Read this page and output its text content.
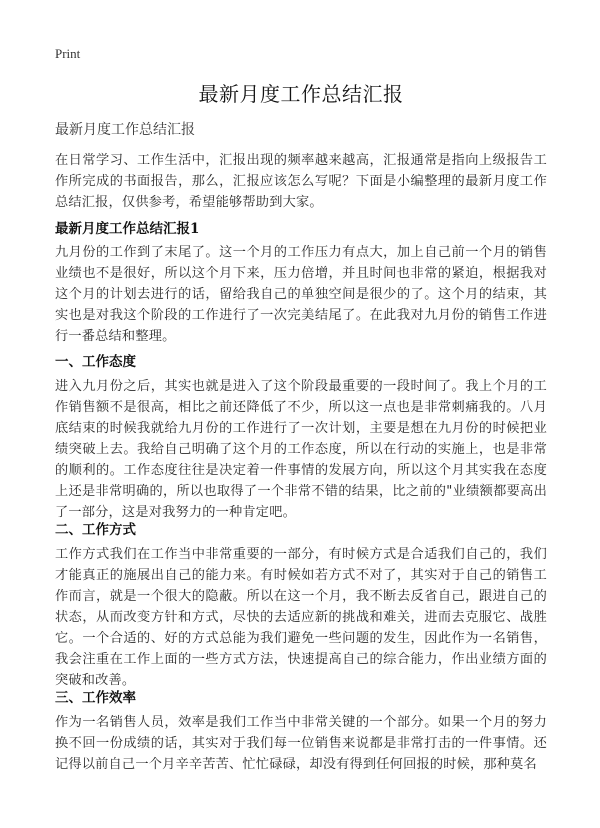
Print
最新月度工作总结汇报
最新月度工作总结汇报
在日常学习、工作生活中，汇报出现的频率越来越高，汇报通常是指向上级报告工作所完成的书面报告，那么，汇报应该怎么写呢？下面是小编整理的最新月度工作总结汇报，仅供参考，希望能够帮助到大家。
最新月度工作总结汇报1
九月份的工作到了末尾了。这一个月的工作压力有点大，加上自己前一个月的销售业绩也不是很好，所以这个月下来，压力倍增，并且时间也非常的紧迫，根据我对这个月的计划去进行的话，留给我自己的单独空间是很少的了。这个月的结束，其实也是对我这个阶段的工作进行了一次完美结尾了。在此我对九月份的销售工作进行一番总结和整理。
一、工作态度
进入九月份之后，其实也就是进入了这个阶段最重要的一段时间了。我上个月的工作销售额不是很高，相比之前还降低了不少，所以这一点也是非常刺痛我的。八月底结束的时候我就给九月份的工作进行了一次计划，主要是想在九月份的时候把业绩突破上去。我给自己明确了这个月的工作态度，所以在行动的实施上，也是非常的顺利的。工作态度往往是决定着一件事情的发展方向，所以这个月其实我在态度上还是非常明确的，所以也取得了一个非常不错的结果，比之前的"业绩额都要高出了一部分，这是对我努力的一种肯定吧。
二、工作方式
工作方式我们在工作当中非常重要的一部分，有时候方式是合适我们自己的，我们才能真正的施展出自己的能力来。有时候如若方式不对了，其实对于自己的销售工作而言，就是一个很大的隐蔽。所以在这一个月，我不断去反省自己，跟进自己的状态，从而改变方针和方式，尽快的去适应新的挑战和难关，进而去克服它、战胜它。一个合适的、好的方式总能为我们避免一些问题的发生，因此作为一名销售，我会注重在工作上面的一些方式方法，快速提高自己的综合能力，作出业绩方面的突破和改善。
三、工作效率
作为一名销售人员，效率是我们工作当中非常关键的一个部分。如果一个月的努力换不回一份成绩的话，其实对于我们每一位销售来说都是非常打击的一件事情。还记得以前自己一个月辛辛苦苦、忙忙碌碌，却没有得到任何回报的时候，那种莫名
